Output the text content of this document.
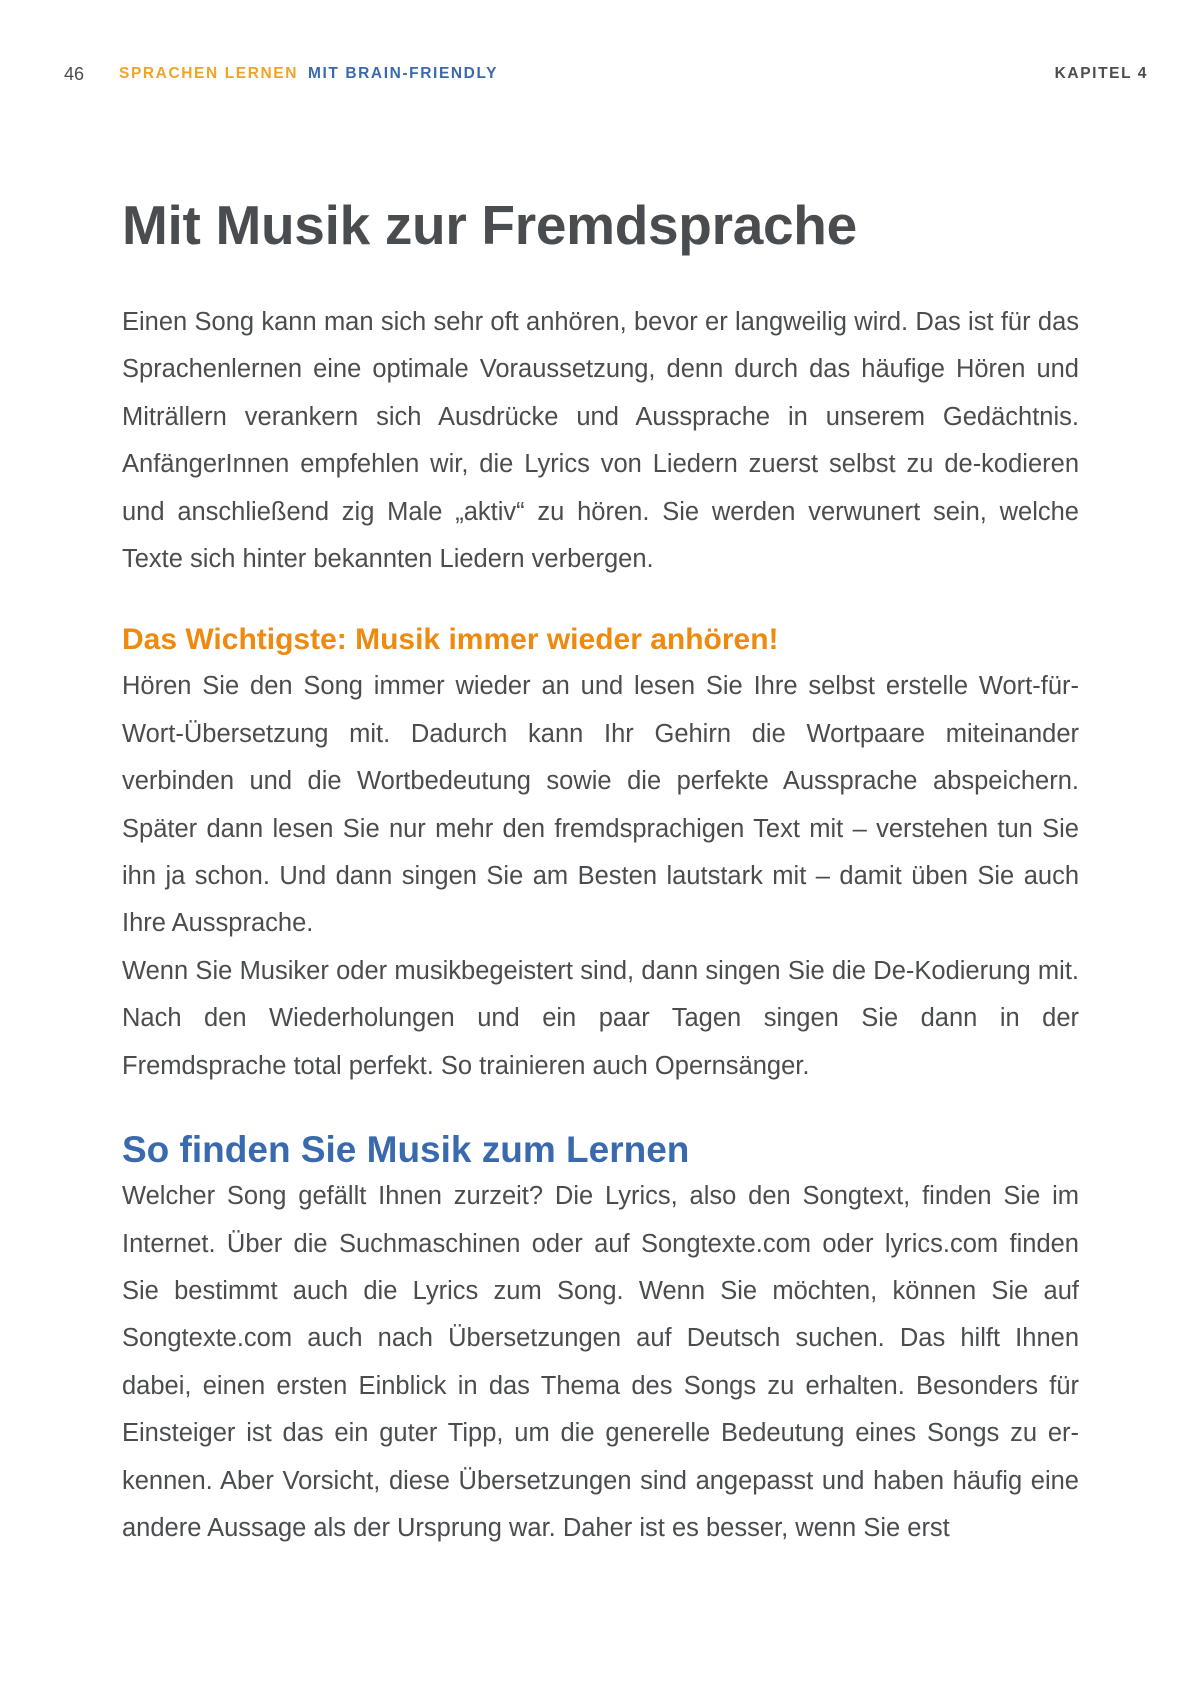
46	SPRACHEN LERNEN MIT BRAIN-FRIENDLY	KAPITEL 4
Mit Musik zur Fremdsprache

Einen Song kann man sich sehr oft anhören, bevor er langweilig wird. Das ist für das Sprachenlernen eine optimale Voraussetzung, denn durch das häufige Hören und Miträllern verankern sich Ausdrücke und Aussprache in unserem Gedächtnis. AnfängerInnen empfehlen wir, die Lyrics von Liedern zuerst selbst zu de-kodieren und anschließend zig Male „aktiv“ zu hören. Sie werden verwunert sein, welche Texte sich hinter bekannten Liedern verbergen.

Das Wichtigste: Musik immer wieder anhören!

Hören Sie den Song immer wieder an und lesen Sie Ihre selbst erstelle Wort-für-Wort-Übersetzung mit. Dadurch kann Ihr Gehirn die Wortpaare miteinander verbinden und die Wortbedeutung sowie die perfekte Aussprache abspeichern. Später dann lesen Sie nur mehr den fremdsprachigen Text mit – verstehen tun Sie ihn ja schon. Und dann singen Sie am Besten lautstark mit – damit üben Sie auch Ihre Aussprache.

Wenn Sie Musiker oder musikbegeistert sind, dann singen Sie die De-Kodierung mit. Nach den Wiederholungen und ein paar Tagen singen Sie dann in der Fremdsprache total perfekt. So trainieren auch Opernsänger.

So finden Sie Musik zum Lernen

Welcher Song gefällt Ihnen zurzeit? Die Lyrics, also den Songtext, finden Sie im Internet. Über die Suchmaschinen oder auf Songtexte.com oder lyrics.com finden Sie bestimmt auch die Lyrics zum Song. Wenn Sie möchten, können Sie auf Songtexte.com auch nach Übersetzungen auf Deutsch suchen. Das hilft Ihnen dabei, einen ersten Einblick in das Thema des Songs zu erhalten. Besonders für Einsteiger ist das ein guter Tipp, um die generelle Bedeutung eines Songs zu erkennen. Aber Vorsicht, diese Übersetzungen sind angepasst und haben häufig eine andere Aussage als der Ursprung war. Daher ist es besser, wenn Sie erst
